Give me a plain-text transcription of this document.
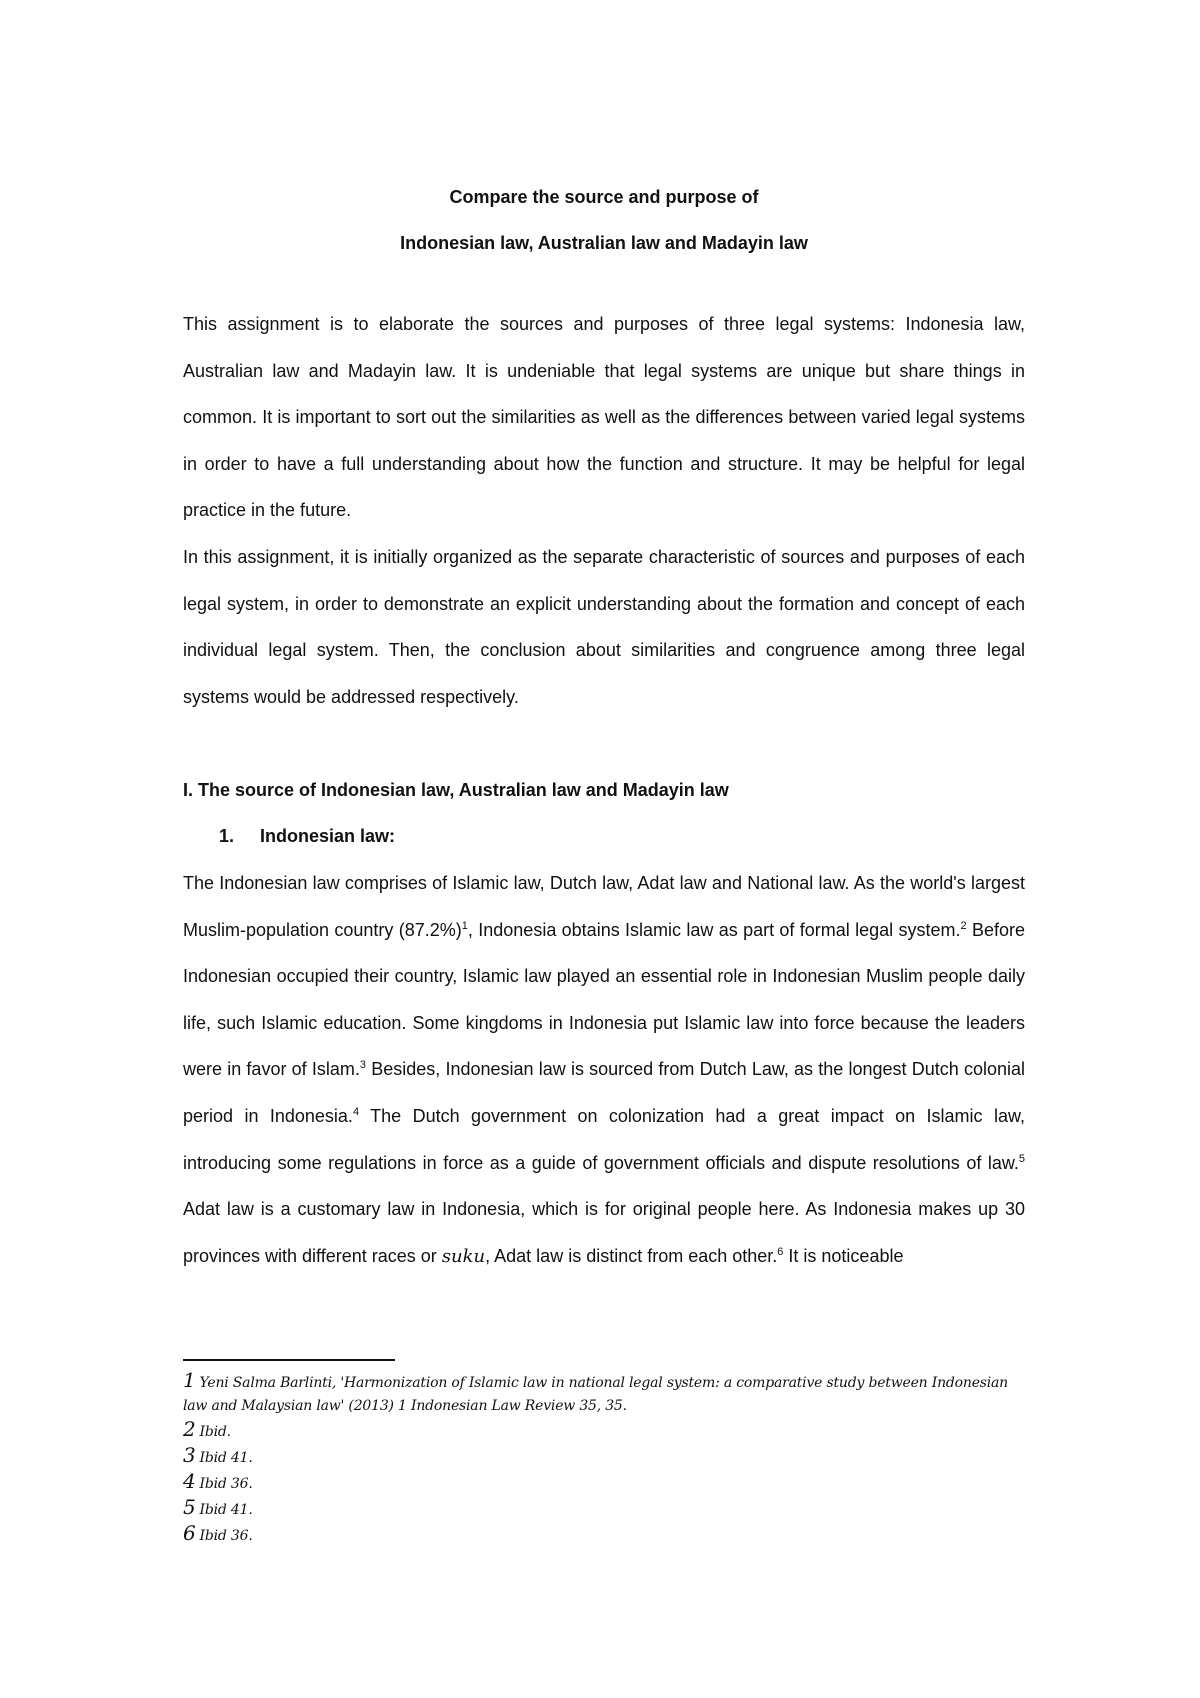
Compare the source and purpose of

Indonesian law, Australian law and Madayin law

This assignment is to elaborate the sources and purposes of three legal systems: Indonesia law, Australian law and Madayin law. It is undeniable that legal systems are unique but share things in common. It is important to sort out the similarities as well as the differences between varied legal systems in order to have a full understanding about how the function and structure. It may be helpful for legal practice in the future.

In this assignment, it is initially organized as the separate characteristic of sources and purposes of each legal system, in order to demonstrate an explicit understanding about the formation and concept of each individual legal system. Then, the conclusion about similarities and congruence among three legal systems would be addressed respectively.

I. The source of Indonesian law, Australian law and Madayin law

1. Indonesian law:

The Indonesian law comprises of Islamic law, Dutch law, Adat law and National law. As the world's largest Muslim-population country $(87.2\%)^1$, Indonesia obtains Islamic law as part of formal legal system.$^2$ Before Indonesian occupied their country, Islamic law played an essential role in Indonesian Muslim people daily life, such Islamic education. Some kingdoms in Indonesia put Islamic law into force because the leaders were in favor of Islam.$^3$ Besides, Indonesian law is sourced from Dutch Law, as the longest Dutch colonial period in Indonesia.$^4$ The Dutch government on colonization had a great impact on Islamic law, introducing some regulations in force as a guide of government officials and dispute resolutions of law.$^5$ Adat law is a customary law in Indonesia, which is for original people here. As Indonesia makes up 30 provinces with different races or suku, Adat law is distinct from each other.$^6$ It is noticeable

1 Yeni Salma Barlinti, 'Harmonization of Islamic law in national legal system: a comparative study between Indonesian law and Malaysian law' (2013) 1 Indonesian Law Review 35, 35.

2 Ibid.

3 Ibid 41.

4 Ibid 36.

5 Ibid 41.

6 Ibid 36.
